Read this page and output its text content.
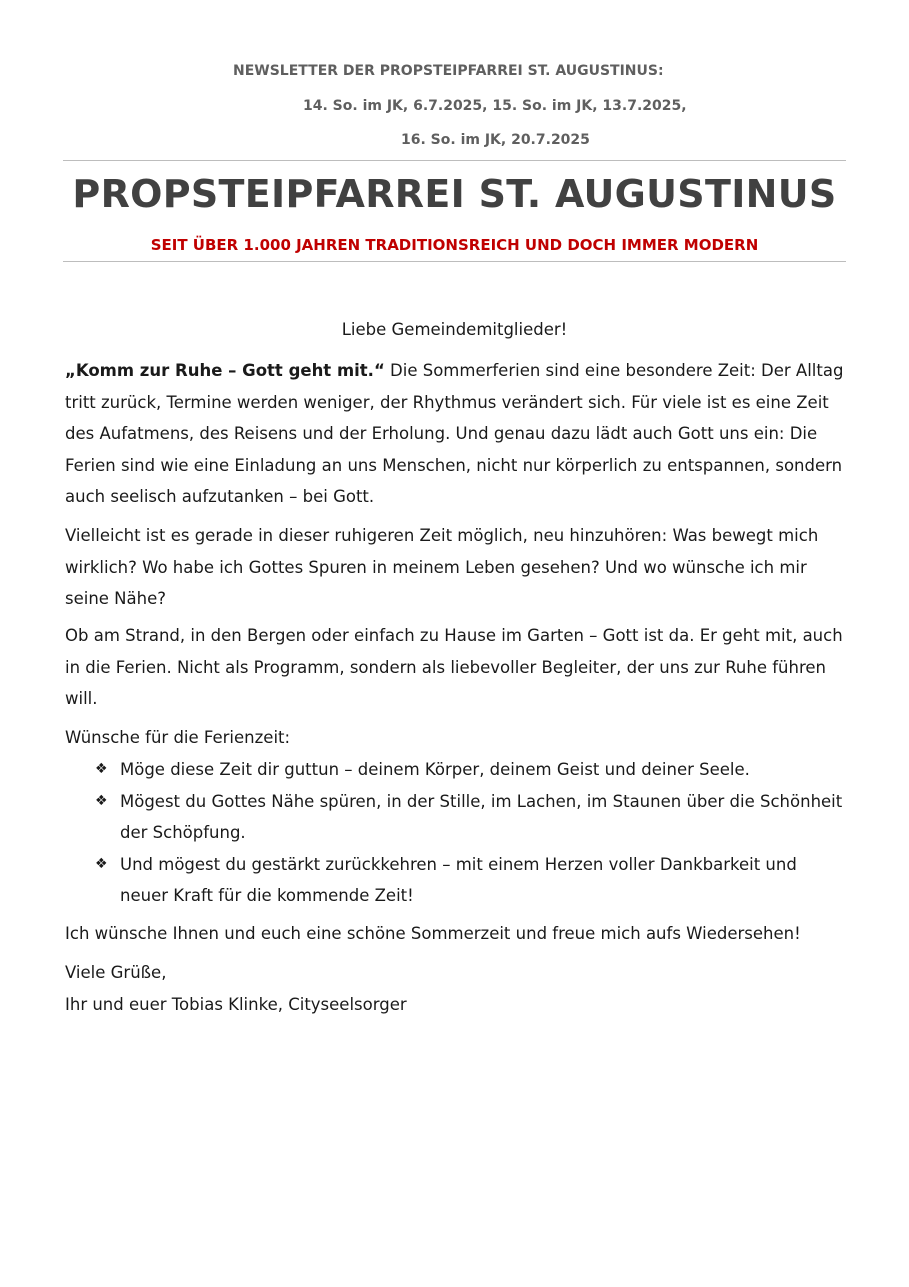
NEWSLETTER DER PROPSTEIPFARREI ST. AUGUSTINUS:
14. So. im JK, 6.7.2025, 15. So. im JK, 13.7.2025,
16. So. im JK, 20.7.2025
PROPSTEIPFARREI ST. AUGUSTINUS
SEIT ÜBER 1.000 JAHREN TRADITIONSREICH UND DOCH IMMER MODERN
Liebe Gemeindemitglieder!
„Komm zur Ruhe – Gott geht mit.“ Die Sommerferien sind eine besondere Zeit: Der Alltag tritt zurück, Termine werden weniger, der Rhythmus verändert sich. Für viele ist es eine Zeit des Aufatmens, des Reisens und der Erholung. Und genau dazu lädt auch Gott uns ein: Die Ferien sind wie eine Einladung an uns Menschen, nicht nur körperlich zu entspannen, sondern auch seelisch aufzutanken – bei Gott.
Vielleicht ist es gerade in dieser ruhigeren Zeit möglich, neu hinzuhören: Was bewegt mich wirklich? Wo habe ich Gottes Spuren in meinem Leben gesehen? Und wo wünsche ich mir seine Nähe?
Ob am Strand, in den Bergen oder einfach zu Hause im Garten – Gott ist da. Er geht mit, auch in die Ferien. Nicht als Programm, sondern als liebevoller Begleiter, der uns zur Ruhe führen will.
Wünsche für die Ferienzeit:
❖ Möge diese Zeit dir guttun – deinem Körper, deinem Geist und deiner Seele.
❖ Mögest du Gottes Nähe spüren, in der Stille, im Lachen, im Staunen über die Schönheit der Schöpfung.
❖ Und mögest du gestärkt zurückkehren – mit einem Herzen voller Dankbarkeit und neuer Kraft für die kommende Zeit!
Ich wünsche Ihnen und euch eine schöne Sommerzeit und freue mich aufs Wiedersehen!
Viele Grüße,
Ihr und euer Tobias Klinke, Cityseelsorger
